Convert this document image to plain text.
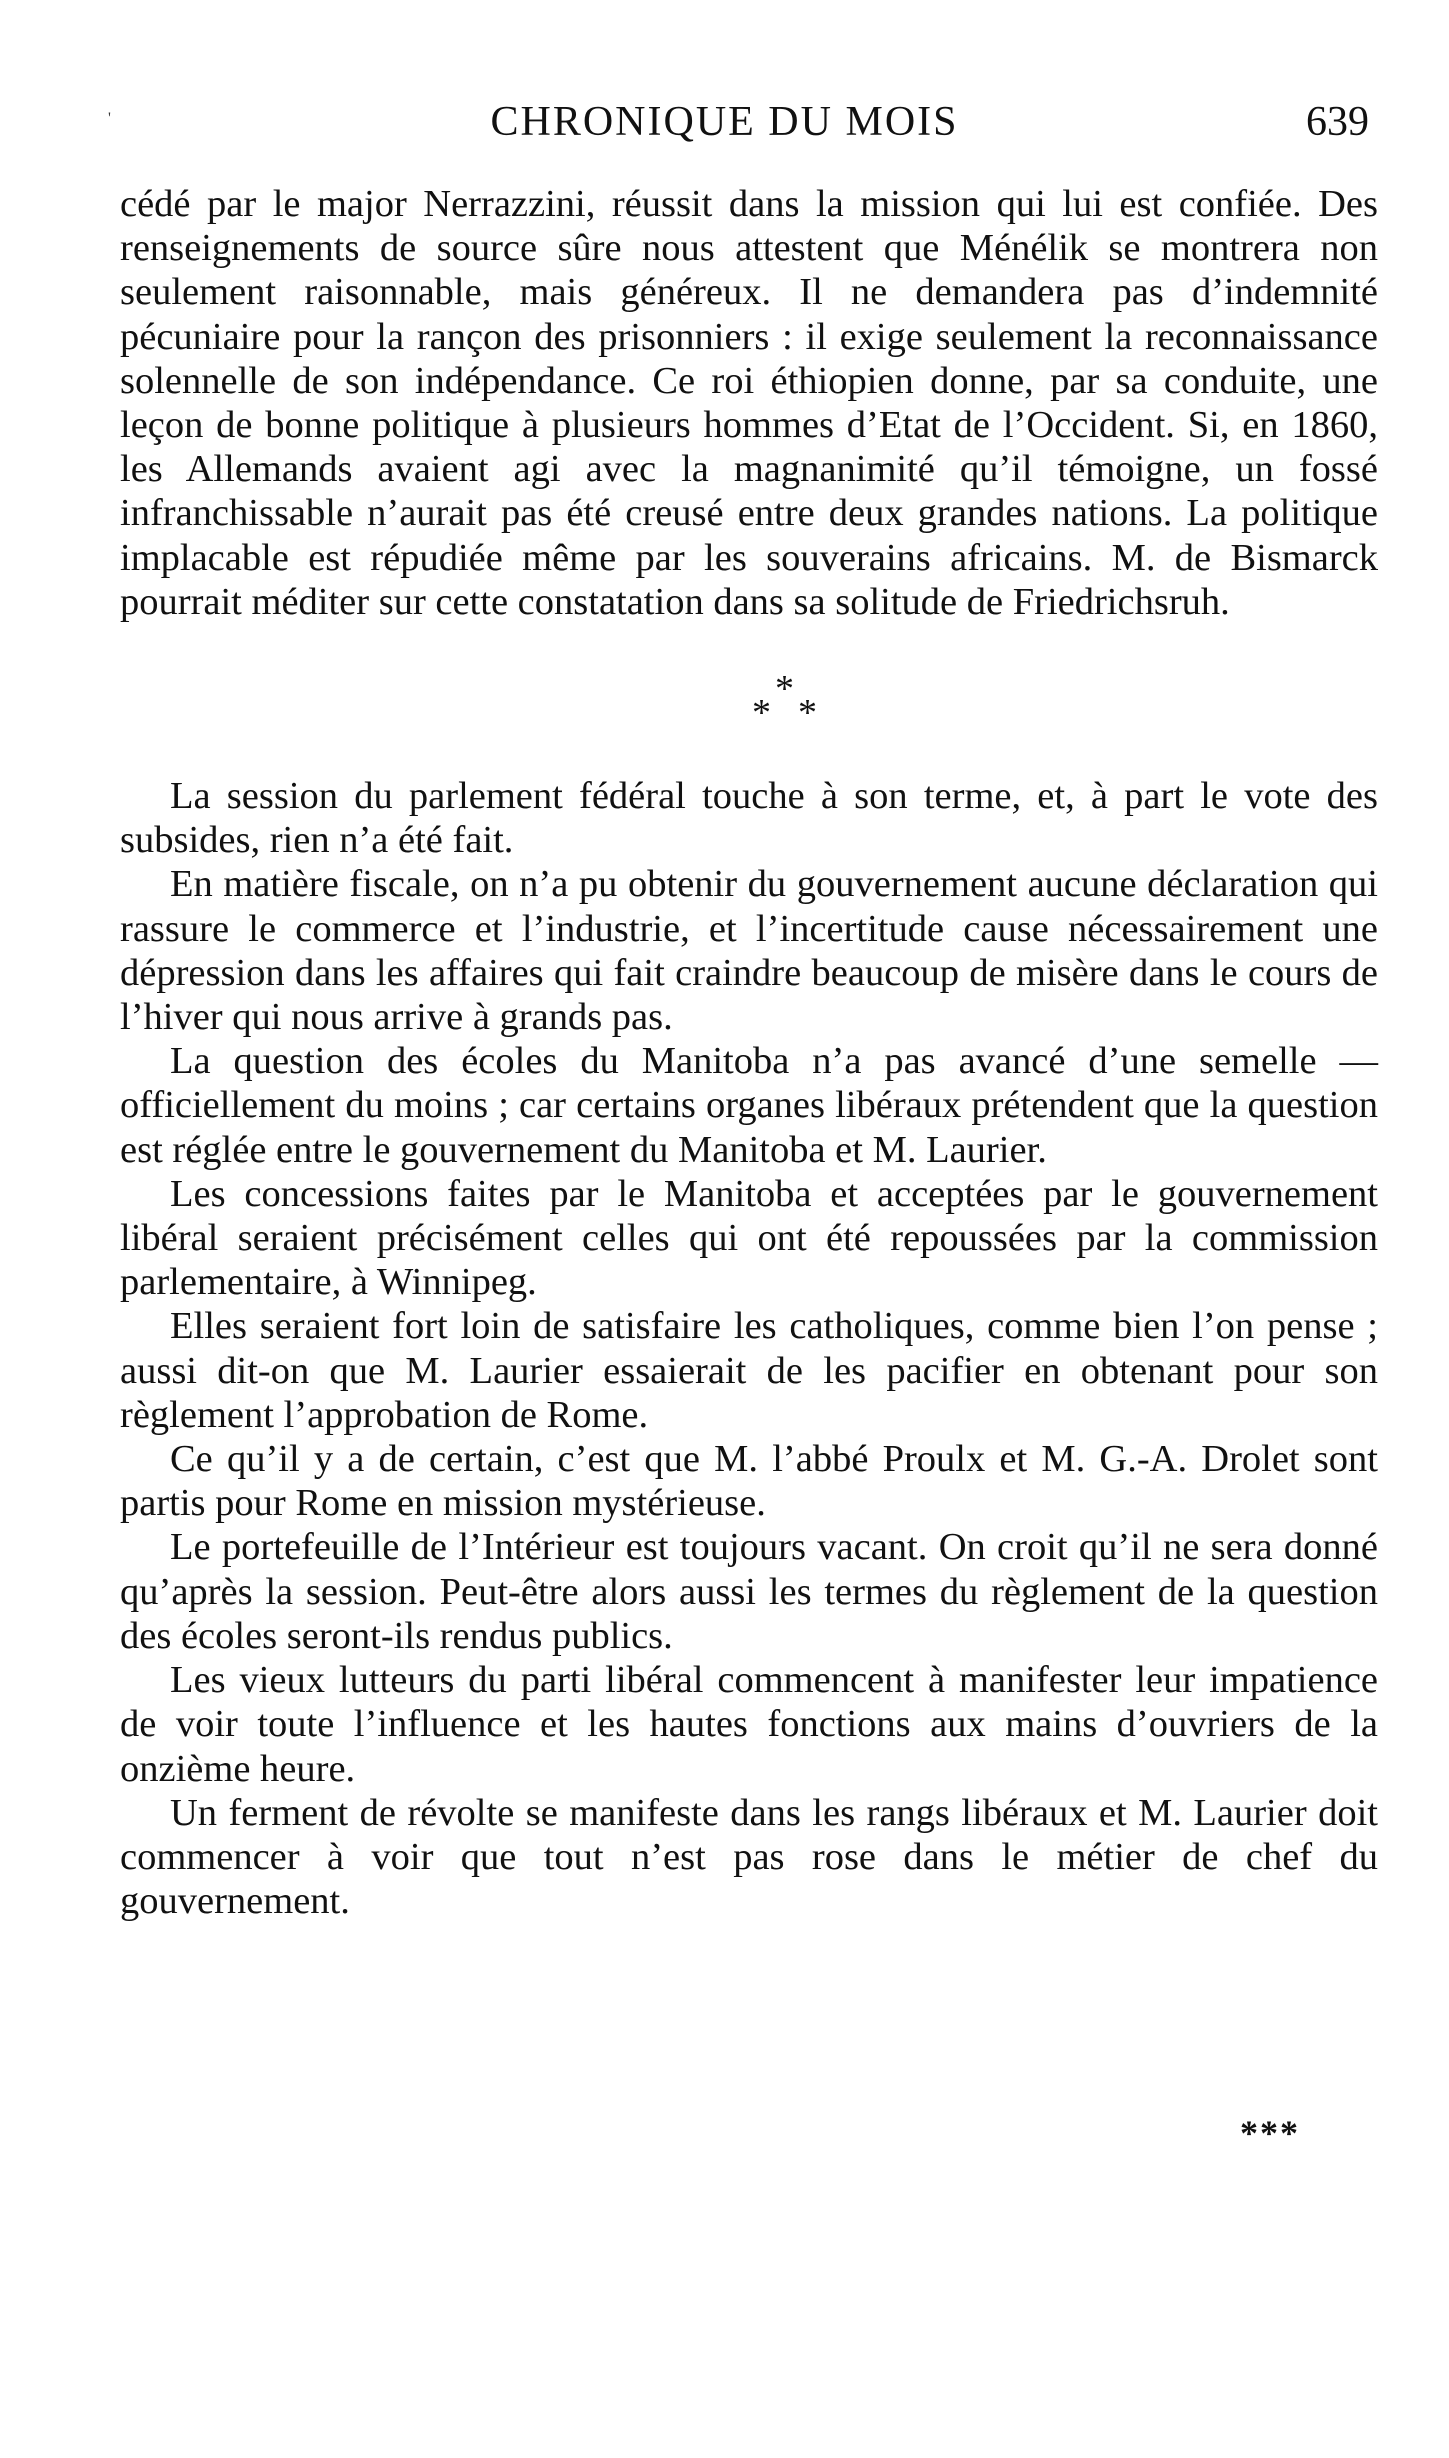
'	CHRONIQUE DU MOIS	639

cédé par le major Nerrazzini, réussit dans la mission qui lui est confiée. Des renseignements de source sûre nous attestent que Ménélik se montrera non seulement raisonnable, mais généreux. Il ne demandera pas d’indemnité pécuniaire pour la rançon des prisonniers : il exige seulement la reconnaissance solennelle de son indépendance. Ce roi éthiopien donne, par sa conduite, une leçon de bonne politique à plusieurs hommes d’Etat de l’Occident. Si, en 1860, les Allemands avaient agi avec la magnanimité qu’il témoigne, un fossé infranchissable n’aurait pas été creusé entre deux grandes nations. La politique implacable est répudiée même par les souverains africains. M. de Bismarck pourrait méditer sur cette constatation dans sa solitude de Friedrichsruh.

*
* *

La session du parlement fédéral touche à son terme, et, à part le vote des subsides, rien n’a été fait.

En matière fiscale, on n’a pu obtenir du gouvernement aucune déclaration qui rassure le commerce et l’industrie, et l’incertitude cause nécessairement une dépression dans les affaires qui fait craindre beaucoup de misère dans le cours de l’hiver qui nous arrive à grands pas.

La question des écoles du Manitoba n’a pas avancé d’une semelle —officiellement du moins ; car certains organes libéraux prétendent que la question est réglée entre le gouvernement du Manitoba et M. Laurier.

Les concessions faites par le Manitoba et acceptées par le gouvernement libéral seraient précisément celles qui ont été repoussées par la commission parlementaire, à Winnipeg.

Elles seraient fort loin de satisfaire les catholiques, comme bien l’on pense ; aussi dit-on que M. Laurier essaierait de les pacifier en obtenant pour son règlement l’approbation de Rome.

Ce qu’il y a de certain, c’est que M. l’abbé Proulx et M. G.-A. Drolet sont partis pour Rome en mission mystérieuse.

Le portefeuille de l’Intérieur est toujours vacant. On croit qu’il ne sera donné qu’après la session. Peut-être alors aussi les termes du règlement de la question des écoles seront-ils rendus publics.

Les vieux lutteurs du parti libéral commencent à manifester leur impatience de voir toute l’influence et les hautes fonctions aux mains d’ouvriers de la onzième heure.

Un ferment de révolte se manifeste dans les rangs libéraux et M. Laurier doit commencer à voir que tout n’est pas rose dans le métier de chef du gouvernement.

***
